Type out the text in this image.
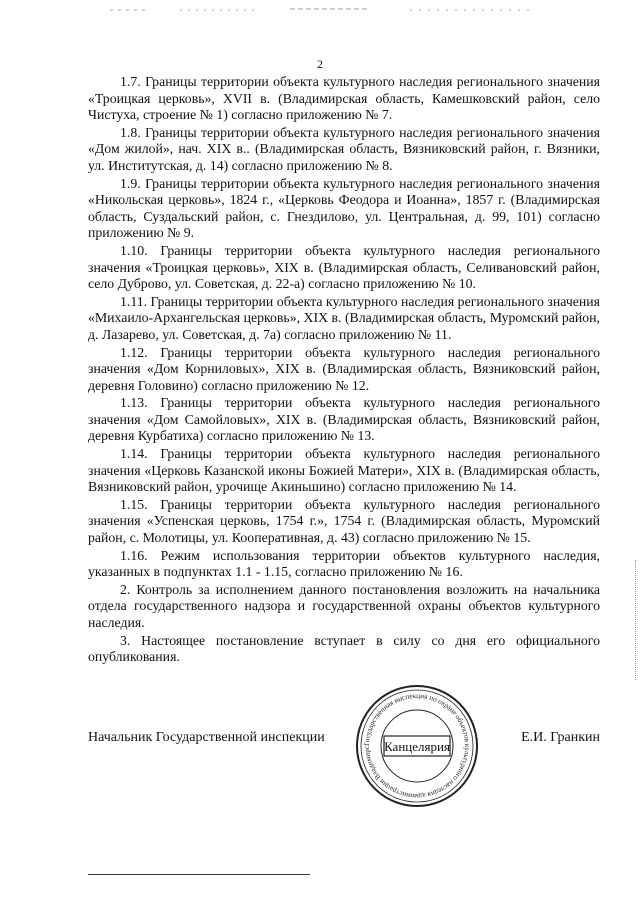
2

1.7. Границы территории объекта культурного наследия регионального значения «Троицкая церковь», XVII в. (Владимирская область, Камешковский район, село Чистуха, строение № 1) согласно приложению № 7.

1.8. Границы территории объекта культурного наследия регионального значения «Дом жилой», нач. XIX в.. (Владимирская область, Вязниковский район, г. Вязники, ул. Институтская, д. 14) согласно приложению № 8.

1.9. Границы территории объекта культурного наследия регионального значения «Никольская церковь», 1824 г., «Церковь Феодора и Иоанна», 1857 г. (Владимирская область, Суздальский район, с. Гнездилово, ул. Центральная, д. 99, 101) согласно приложению № 9.

1.10. Границы территории объекта культурного наследия регионального значения «Троицкая церковь», XIX в. (Владимирская область, Селивановский район, село Дуброво, ул. Советская, д. 22-а) согласно приложению № 10.

1.11. Границы территории объекта культурного наследия регионального значения «Михаило-Архангельская церковь», XIX в. (Владимирская область, Муромский район, д. Лазарево, ул. Советская, д. 7а) согласно приложению № 11.

1.12. Границы территории объекта культурного наследия регионального значения «Дом Корниловых», XIX в. (Владимирская область, Вязниковский район, деревня Головино) согласно приложению № 12.

1.13. Границы территории объекта культурного наследия регионального значения «Дом Самойловых», XIX в. (Владимирская область, Вязниковский район, деревня Курбатиха) согласно приложению № 13.

1.14. Границы территории объекта культурного наследия регионального значения «Церковь Казанской иконы Божией Матери», XIX в. (Владимирская область, Вязниковский район, урочище Акиньшино) согласно приложению № 14.

1.15. Границы территории объекта культурного наследия регионального значения «Успенская церковь, 1754 г.», 1754 г. (Владимирская область, Муромский район, с. Молотицы, ул. Кооперативная, д. 43) согласно приложению № 15.

1.16. Режим использования территории объектов культурного наследия, указанных в подпунктах 1.1 - 1.15, согласно приложению № 16.

2. Контроль за исполнением данного постановления возложить на начальника отдела государственного надзора и государственной охраны объектов культурного наследия.

3. Настоящее постановление вступает в силу со дня его официального опубликования.

Начальник Государственной инспекции	Е.И. Гранкин
Государственная инспекция по охране объектов культурного наследия администрации Владимирс Канцелярия
